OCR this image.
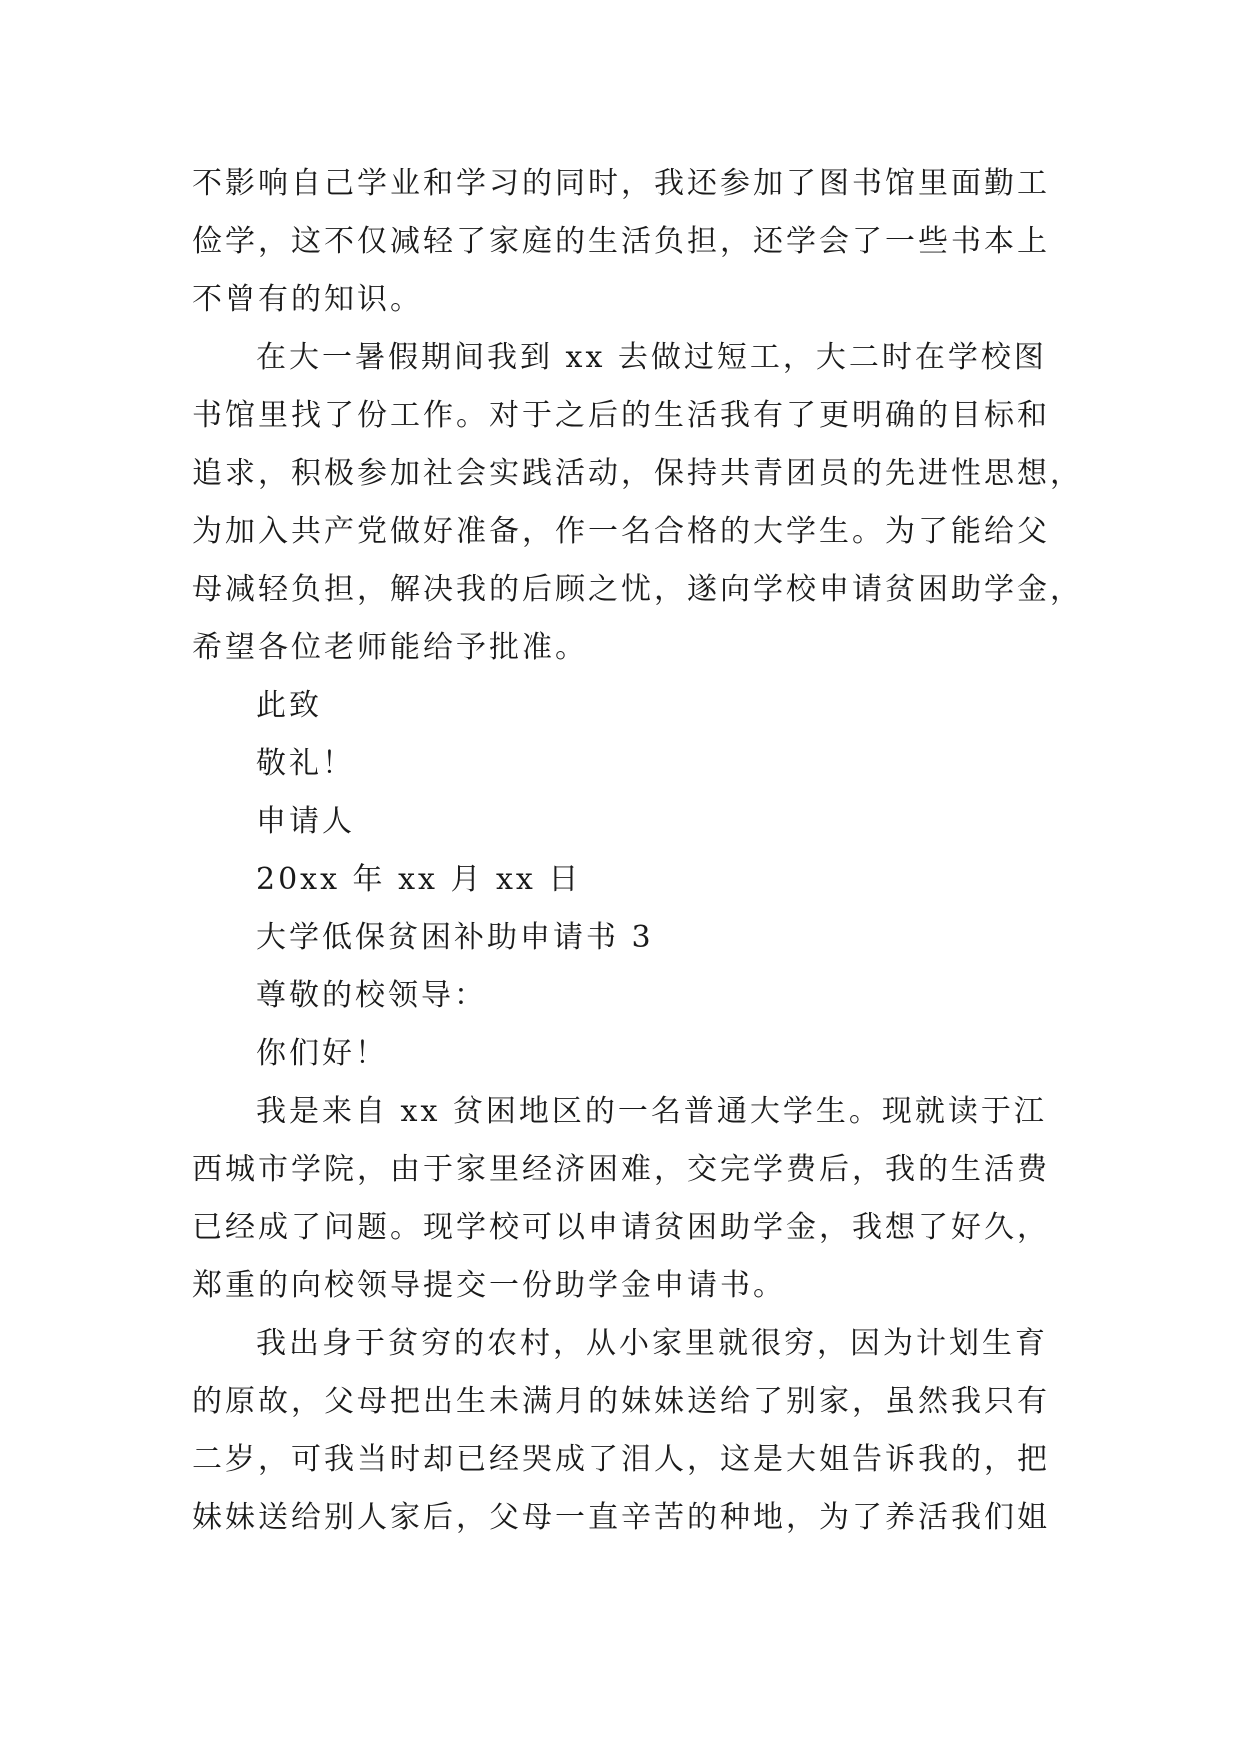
不影响自己学业和学习的同时，我还参加了图书馆里面勤工
俭学，这不仅减轻了家庭的生活负担，还学会了一些书本上
不曾有的知识。
在大一暑假期间我到 xx 去做过短工，大二时在学校图
书馆里找了份工作。对于之后的生活我有了更明确的目标和
追求，积极参加社会实践活动，保持共青团员的先进性思想，
为加入共产党做好准备，作一名合格的大学生。为了能给父
母减轻负担，解决我的后顾之忧，遂向学校申请贫困助学金，
希望各位老师能给予批准。
此致
敬礼！
申请人
20xx 年 xx 月 xx 日
大学低保贫困补助申请书 3
尊敬的校领导：
你们好！
我是来自 xx 贫困地区的一名普通大学生。现就读于江
西城市学院，由于家里经济困难，交完学费后，我的生活费
已经成了问题。现学校可以申请贫困助学金，我想了好久，
郑重的向校领导提交一份助学金申请书。
我出身于贫穷的农村，从小家里就很穷，因为计划生育
的原故，父母把出生未满月的妹妹送给了别家，虽然我只有
二岁，可我当时却已经哭成了泪人，这是大姐告诉我的，把
妹妹送给别人家后，父母一直辛苦的种地，为了养活我们姐
